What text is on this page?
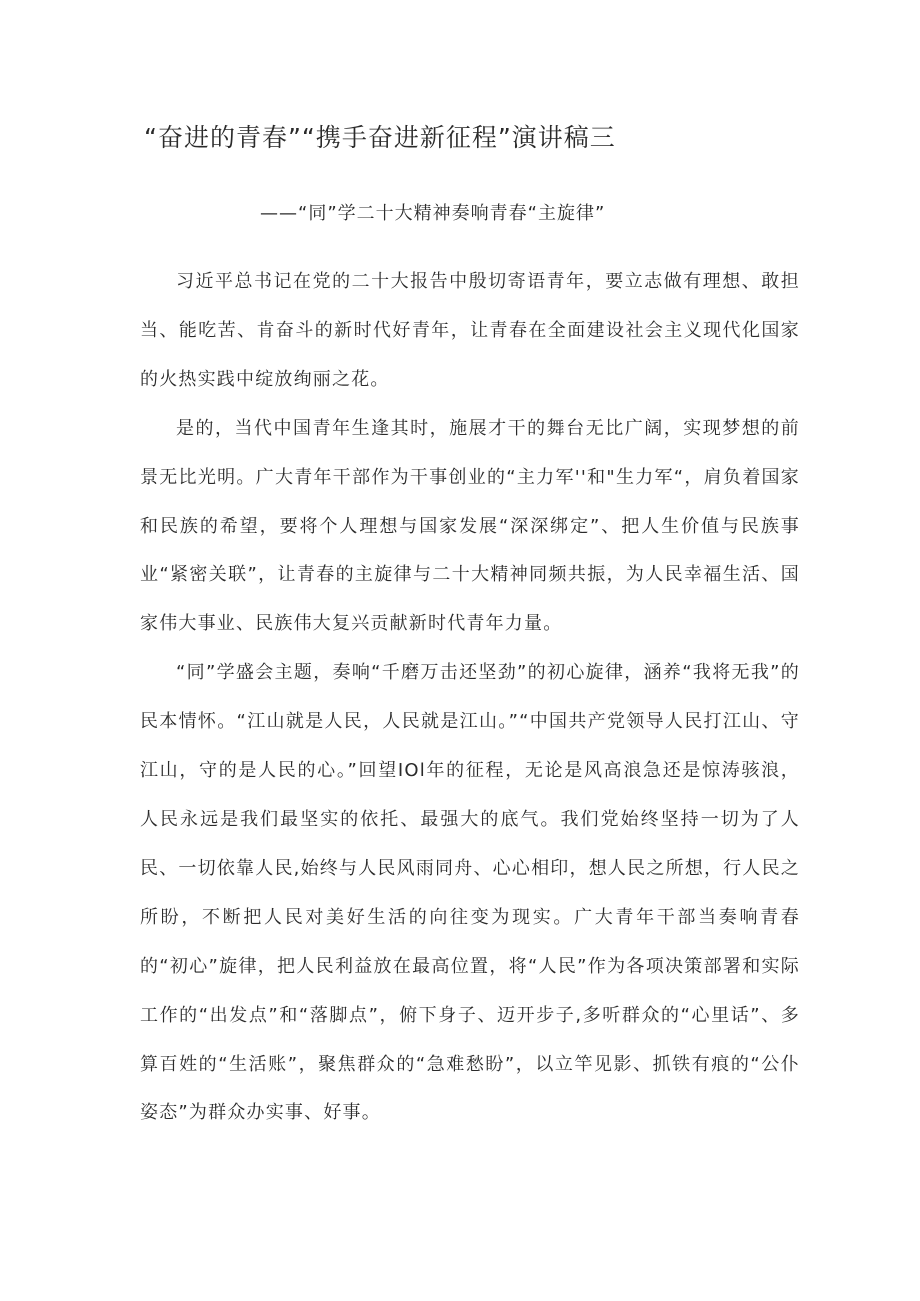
“奋进的青春”“携手奋进新征程”演讲稿三

——“同”学二十大精神奏响青春“主旋律”

习近平总书记在党的二十大报告中殷切寄语青年，要立志做有理想、敢担当、能吃苦、肯奋斗的新时代好青年，让青春在全面建设社会主义现代化国家的火热实践中绽放绚丽之花。

是的，当代中国青年生逢其时，施展才干的舞台无比广阔，实现梦想的前景无比光明。广大青年干部作为干事创业的“主力军''和"生力军“，肩负着国家和民族的希望，要将个人理想与国家发展“深深绑定”、把人生价值与民族事业“紧密关联”，让青春的主旋律与二十大精神同频共振，为人民幸福生活、国家伟大事业、民族伟大复兴贡献新时代青年力量。

“同”学盛会主题，奏响“千磨万击还坚劲”的初心旋律，涵养“我将无我”的民本情怀。“江山就是人民，人民就是江山。”“中国共产党领导人民打江山、守江山，守的是人民的心。”回望IOl年的征程，无论是风高浪急还是惊涛骇浪，人民永远是我们最坚实的依托、最强大的底气。我们党始终坚持一切为了人民、一切依靠人民,始终与人民风雨同舟、心心相印，想人民之所想，行人民之所盼，不断把人民对美好生活的向往变为现实。广大青年干部当奏响青春的“初心”旋律，把人民利益放在最高位置，将“人民”作为各项决策部署和实际工作的“出发点”和“落脚点”，俯下身子、迈开步子,多听群众的“心里话”、多算百姓的“生活账”，聚焦群众的“急难愁盼”，以立竿见影、抓铁有痕的“公仆姿态”为群众办实事、好事。
